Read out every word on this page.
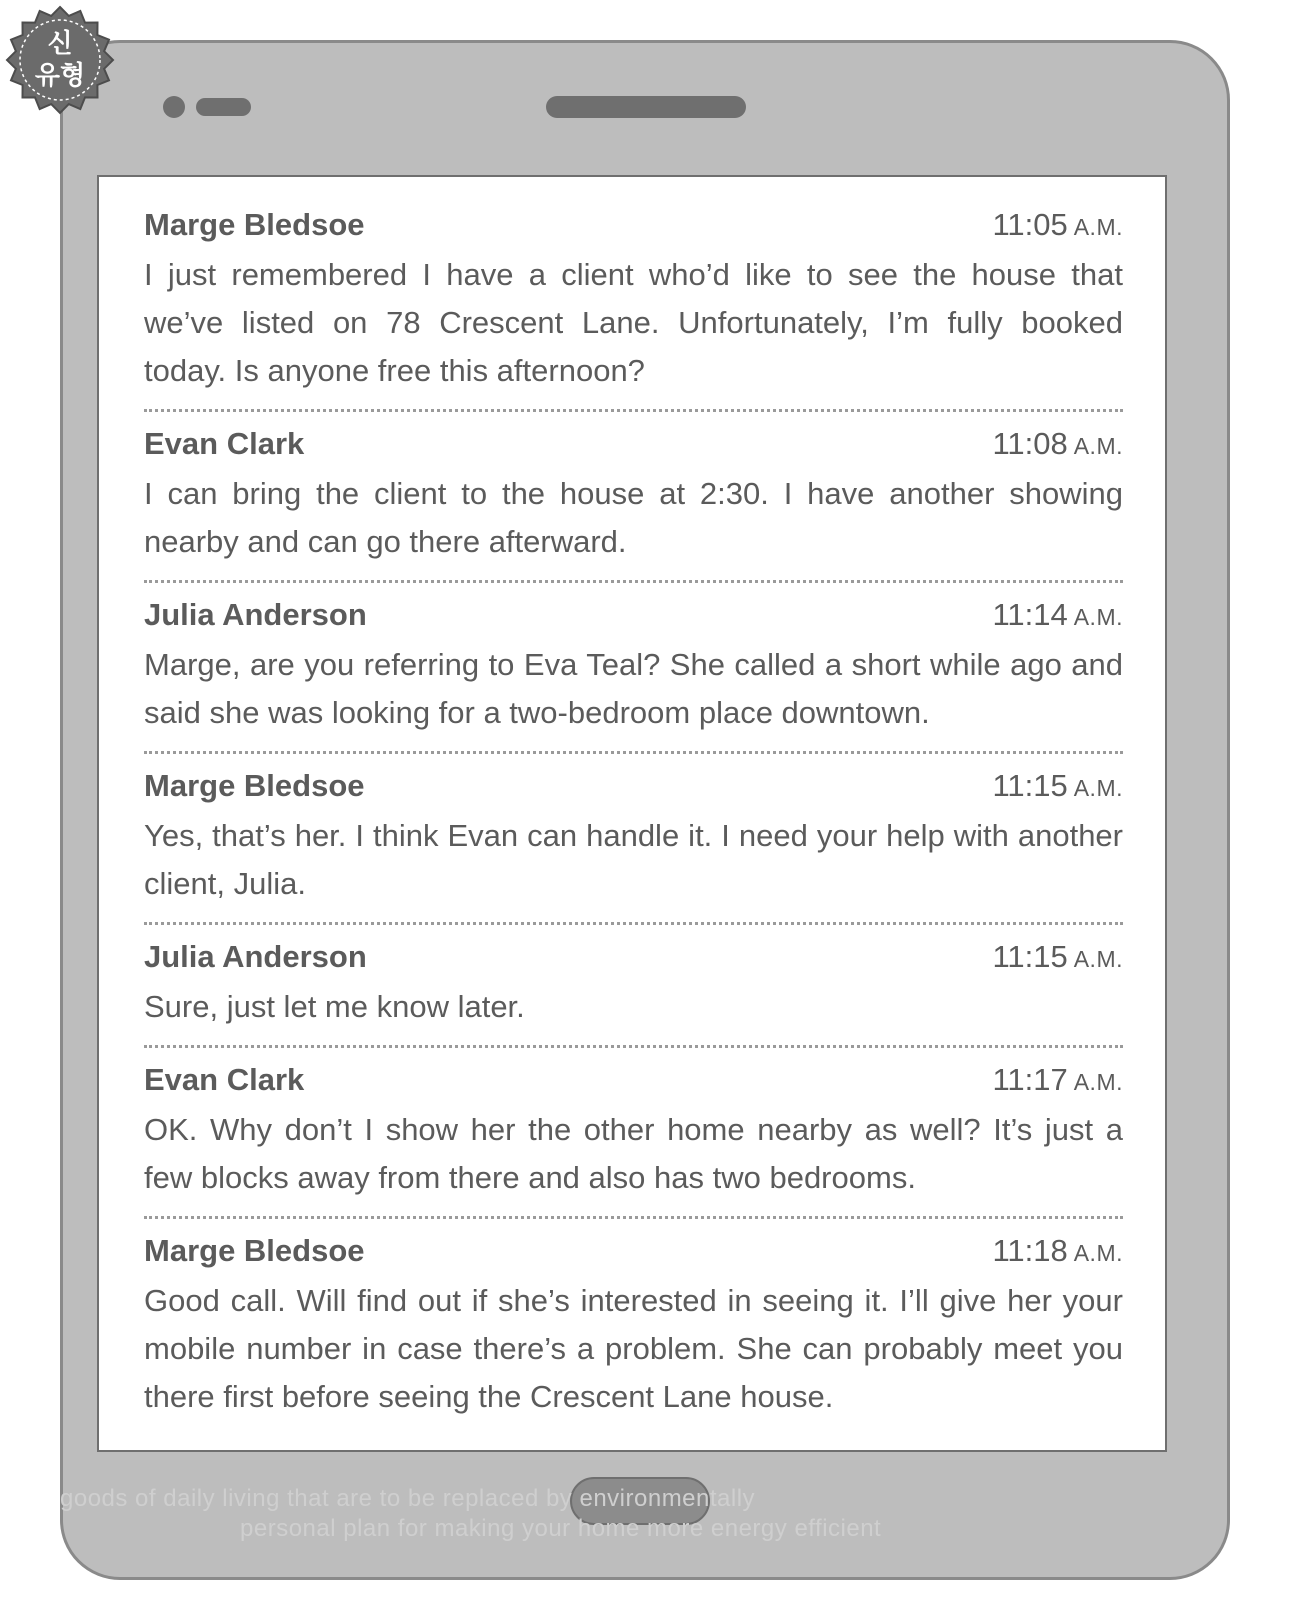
goods of daily living that are to be replaced by environmentally
personal plan for making your home more energy efficient
Marge Bledsoe	11:05 A.M.
I just remembered I have a client who’d like to see the house that we’ve listed on 78 Crescent Lane. Unfortunately, I’m fully booked today. Is anyone free this afternoon?
Evan Clark	11:08 A.M.
I can bring the client to the house at 2:30. I have another showing nearby and can go there afterward.
Julia Anderson	11:14 A.M.
Marge, are you referring to Eva Teal? She called a short while ago and said she was looking for a two-bedroom place downtown.
Marge Bledsoe	11:15 A.M.
Yes, that’s her. I think Evan can handle it. I need your help with another client, Julia.
Julia Anderson	11:15 A.M.
Sure, just let me know later.
Evan Clark	11:17 A.M.
OK. Why don’t I show her the other home nearby as well? It’s just a few blocks away from there and also has two bedrooms.
Marge Bledsoe	11:18 A.M.
Good call. Will find out if she’s interested in seeing it. I’ll give her your mobile number in case there’s a problem. She can probably meet you there first before seeing the Crescent Lane house.
신
유형
